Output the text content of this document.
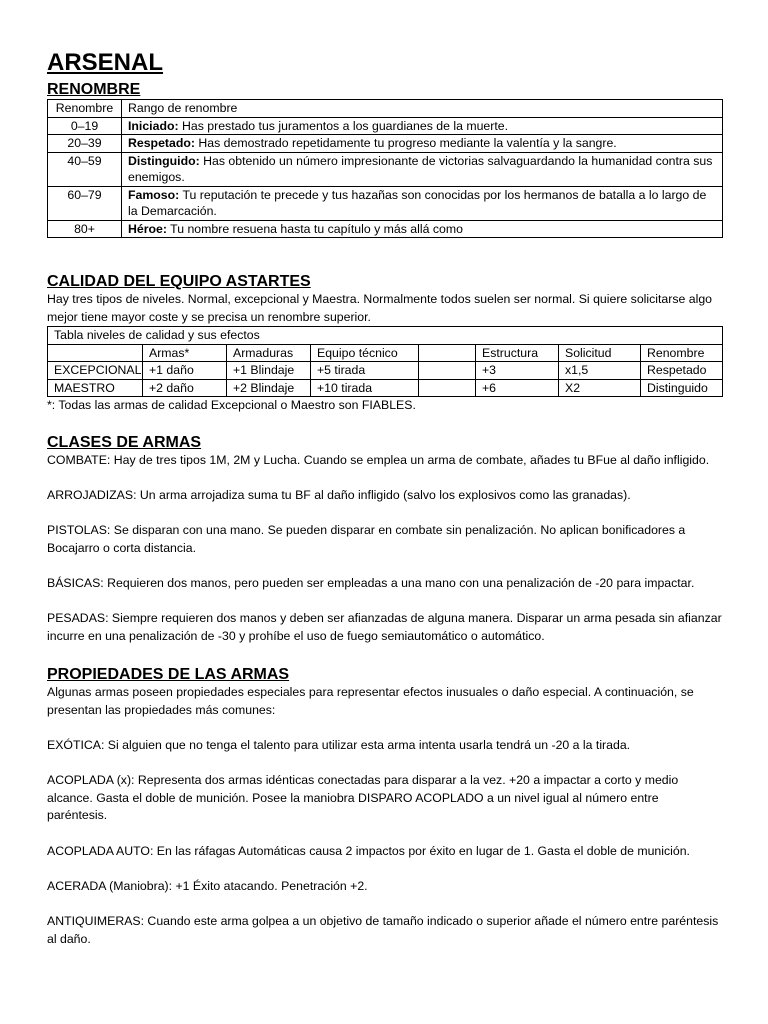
ARSENAL
RENOMBRE
Renombre	Rango de renombre
0–19	Iniciado: Has prestado tus juramentos a los guardianes de la muerte.
20–39	Respetado: Has demostrado repetidamente tu progreso mediante la valentía y la sangre.
40–59	Distinguido: Has obtenido un número impresionante de victorias salvaguardando la humanidad contra sus enemigos.
60–79	Famoso: Tu reputación te precede y tus hazañas son conocidas por los hermanos de batalla a lo largo de la Demarcación.
80+	Héroe: Tu nombre resuena hasta tu capítulo y más allá como
CALIDAD DEL EQUIPO ASTARTES

Hay tres tipos de niveles. Normal, excepcional y Maestra. Normalmente todos suelen ser normal. Si quiere solicitarse algo mejor tiene mayor coste y se precisa un renombre superior.

Tabla niveles de calidad y sus efectos							
	Armas*	Armaduras	Equipo técnico		Estructura	Solicitud	Renombre
EXCEPCIONAL	+1 daño	+1 Blindaje	+5 tirada		+3	x1,5	Respetado
MAESTRO	+2 daño	+2 Blindaje	+10 tirada		+6	X2	Distinguido

*: Todas las armas de calidad Excepcional o Maestro son FIABLES.

CLASES DE ARMAS

COMBATE: Hay de tres tipos 1M, 2M y Lucha. Cuando se emplea un arma de combate, añades tu BFue al daño infligido.

ARROJADIZAS: Un arma arrojadiza suma tu BF al daño infligido (salvo los explosivos como las granadas).

PISTOLAS: Se disparan con una mano. Se pueden disparar en combate sin penalización. No aplican bonificadores a Bocajarro o corta distancia.

BÁSICAS: Requieren dos manos, pero pueden ser empleadas a una mano con una penalización de -20 para impactar.

PESADAS: Siempre requieren dos manos y deben ser afianzadas de alguna manera. Disparar un arma pesada sin afianzar incurre en una penalización de -30 y prohíbe el uso de fuego semiautomático o automático.

PROPIEDADES DE LAS ARMAS

Algunas armas poseen propiedades especiales para representar efectos inusuales o daño especial. A continuación, se presentan las propiedades más comunes:

EXÓTICA: Si alguien que no tenga el talento para utilizar esta arma intenta usarla tendrá un -20 a la tirada.

ACOPLADA (x): Representa dos armas idénticas conectadas para disparar a la vez. +20 a impactar a corto y medio alcance. Gasta el doble de munición. Posee la maniobra DISPARO ACOPLADO a un nivel igual al número entre paréntesis.

ACOPLADA AUTO: En las ráfagas Automáticas causa 2 impactos por éxito en lugar de 1. Gasta el doble de munición.

ACERADA (Maniobra): +1 Éxito atacando. Penetración +2.

ANTIQUIMERAS: Cuando este arma golpea a un objetivo de tamaño indicado o superior añade el número entre paréntesis al daño.
